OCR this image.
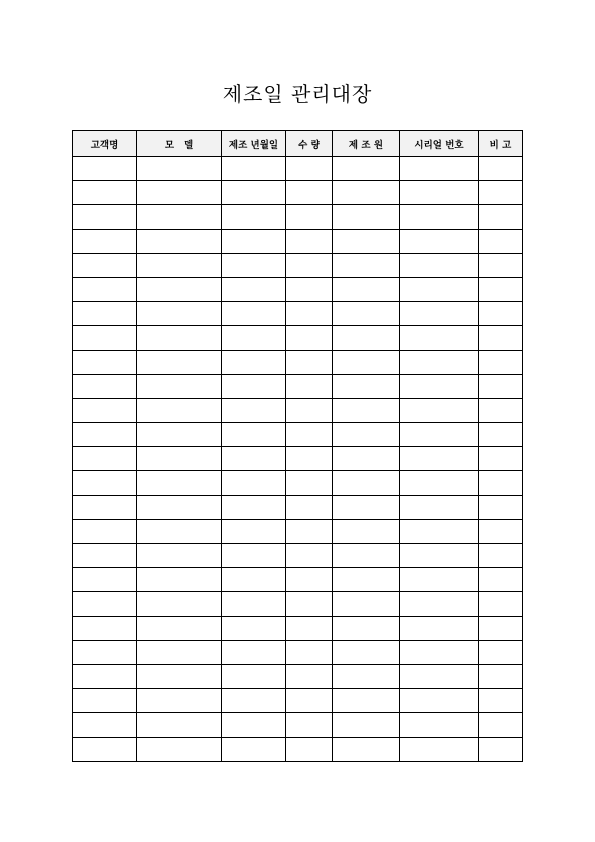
제조일 관리대장
고객명	모   델	제조 년월일	수 량	제 조 원	시리얼 번호	비 고
